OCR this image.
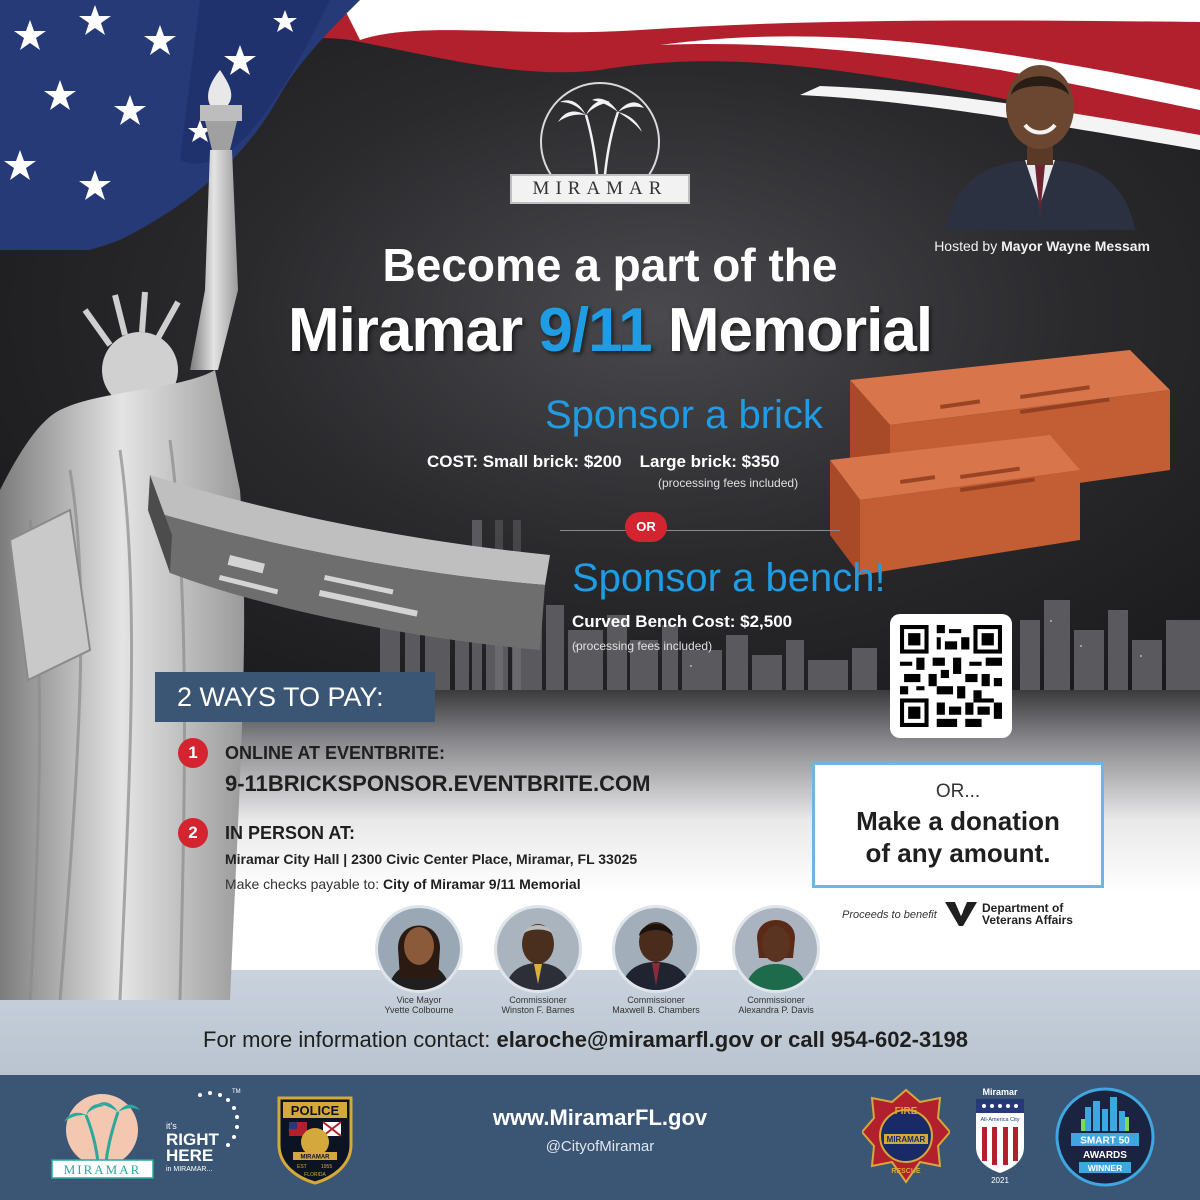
MIRAMAR
Hosted by Mayor Wayne Messam
Become a part of the
Miramar 9/11 Memorial
Sponsor a brick
COST: Small brick: $200 Large brick: $350
(processing fees included)
OR
Sponsor a bench!
Curved Bench Cost: $2,500
(processing fees included)
2 WAYS TO PAY:
1	ONLINE AT EVENTBRITE:
9-11BRICKSPONSOR.EVENTBRITE.COM
2	IN PERSON AT:
Miramar City Hall | 2300 Civic Center Place, Miramar, FL 33025
Make checks payable to: City of Miramar 9/11 Memorial
OR...
Make a donation
of any amount.
Proceeds to benefit	Department of
Veterans Affairs
Vice Mayor
Yvette Colbourne
Commissioner
Winston F. Barnes
Commissioner
Maxwell B. Chambers
Commissioner
Alexandra P. Davis
For more information contact: elaroche@miramarfl.gov or call 954-602-3198
MIRAMAR
TM
it's
RIGHT
HERE
in MIRAMAR...
POLICE
MIRAMAR
EST	1955
FLORIDA
www.MiramarFL.gov
@CityofMiramar
FIRE
MIRAMAR
RESCUE
Miramar
All-America City
2021
SMART 50
AWARDS
WINNER
